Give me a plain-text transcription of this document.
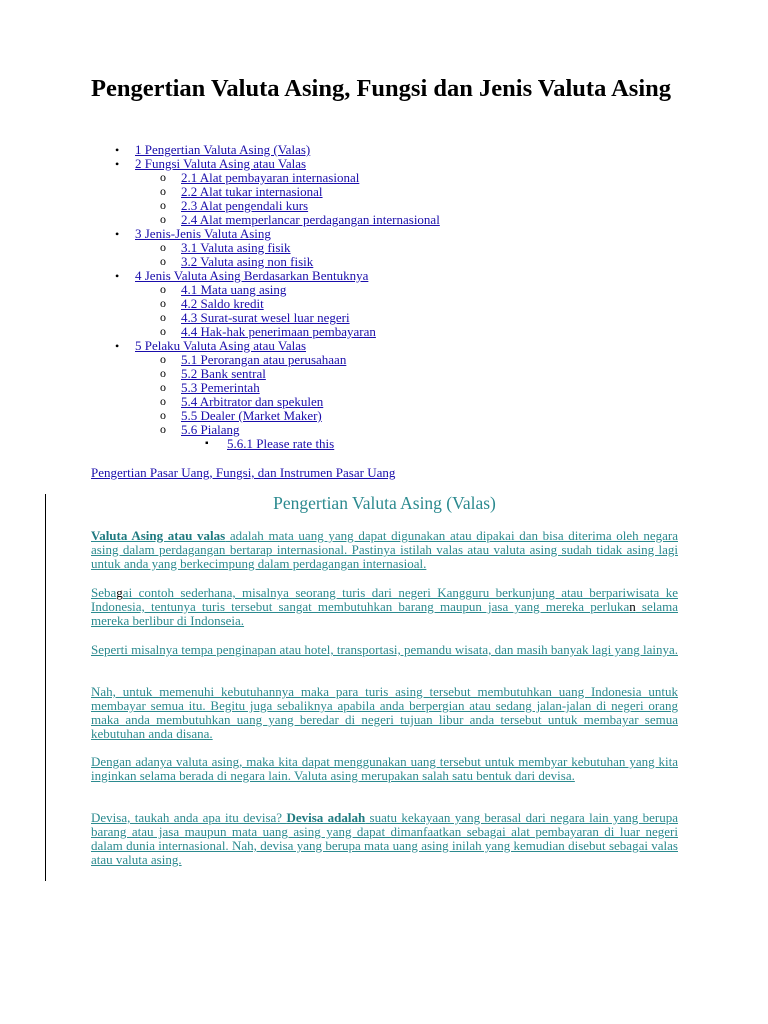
Pengertian Valuta Asing, Fungsi dan Jenis Valuta Asing
• 1 Pengertian Valuta Asing (Valas)
• 2 Fungsi Valuta Asing atau Valas
o 2.1 Alat pembayaran internasional
o 2.2 Alat tukar internasional
o 2.3 Alat pengendali kurs
o 2.4 Alat memperlancar perdagangan internasional
• 3 Jenis-Jenis Valuta Asing
o 3.1 Valuta asing fisik
o 3.2 Valuta asing non fisik
• 4 Jenis Valuta Asing Berdasarkan Bentuknya
o 4.1 Mata uang asing
o 4.2 Saldo kredit
o 4.3 Surat-surat wesel luar negeri
o 4.4 Hak-hak penerimaan pembayaran
• 5 Pelaku Valuta Asing atau Valas
o 5.1 Perorangan atau perusahaan
o 5.2 Bank sentral
o 5.3 Pemerintah
o 5.4 Arbitrator dan spekulen
o 5.5 Dealer (Market Maker)
o 5.6 Pialang
▪ 5.6.1 Please rate this
Pengertian Pasar Uang, Fungsi, dan Instrumen Pasar Uang
Pengertian Valuta Asing (Valas)

Valuta Asing atau valas adalah mata uang yang dapat digunakan atau dipakai dan bisa diterima oleh negara asing dalam perdagangan bertarap internasional. Pastinya istilah valas atau valuta asing sudah tidak asing lagi untuk anda yang berkecimpung dalam perdagangan internasioal.

Sebagai contoh sederhana, misalnya seorang turis dari negeri Kangguru berkunjung atau berpariwisata ke Indonesia, tentunya turis tersebut sangat membutuhkan barang maupun jasa yang mereka perlukan selama mereka berlibur di Indonseia.

Seperti misalnya tempa penginapan atau hotel, transportasi, pemandu wisata, dan masih banyak lagi yang lainya.

Nah, untuk memenuhi kebutuhannya maka para turis asing tersebut membutuhkan uang Indonesia untuk membayar semua itu. Begitu juga sebaliknya apabila anda berpergian atau sedang jalan-jalan di negeri orang maka anda membutuhkan uang yang beredar di negeri tujuan libur anda tersebut untuk membayar semua kebutuhan anda disana.

Dengan adanya valuta asing, maka kita dapat menggunakan uang tersebut untuk membyar kebutuhan yang kita inginkan selama berada di negara lain. Valuta asing merupakan salah satu bentuk dari devisa.

Devisa, taukah anda apa itu devisa? Devisa adalah suatu kekayaan yang berasal dari negara lain yang berupa barang atau jasa maupun mata uang asing yang dapat dimanfaatkan sebagai alat pembayaran di luar negeri dalam dunia internasional. Nah, devisa yang berupa mata uang asing inilah yang kemudian disebut sebagai valas atau valuta asing.
